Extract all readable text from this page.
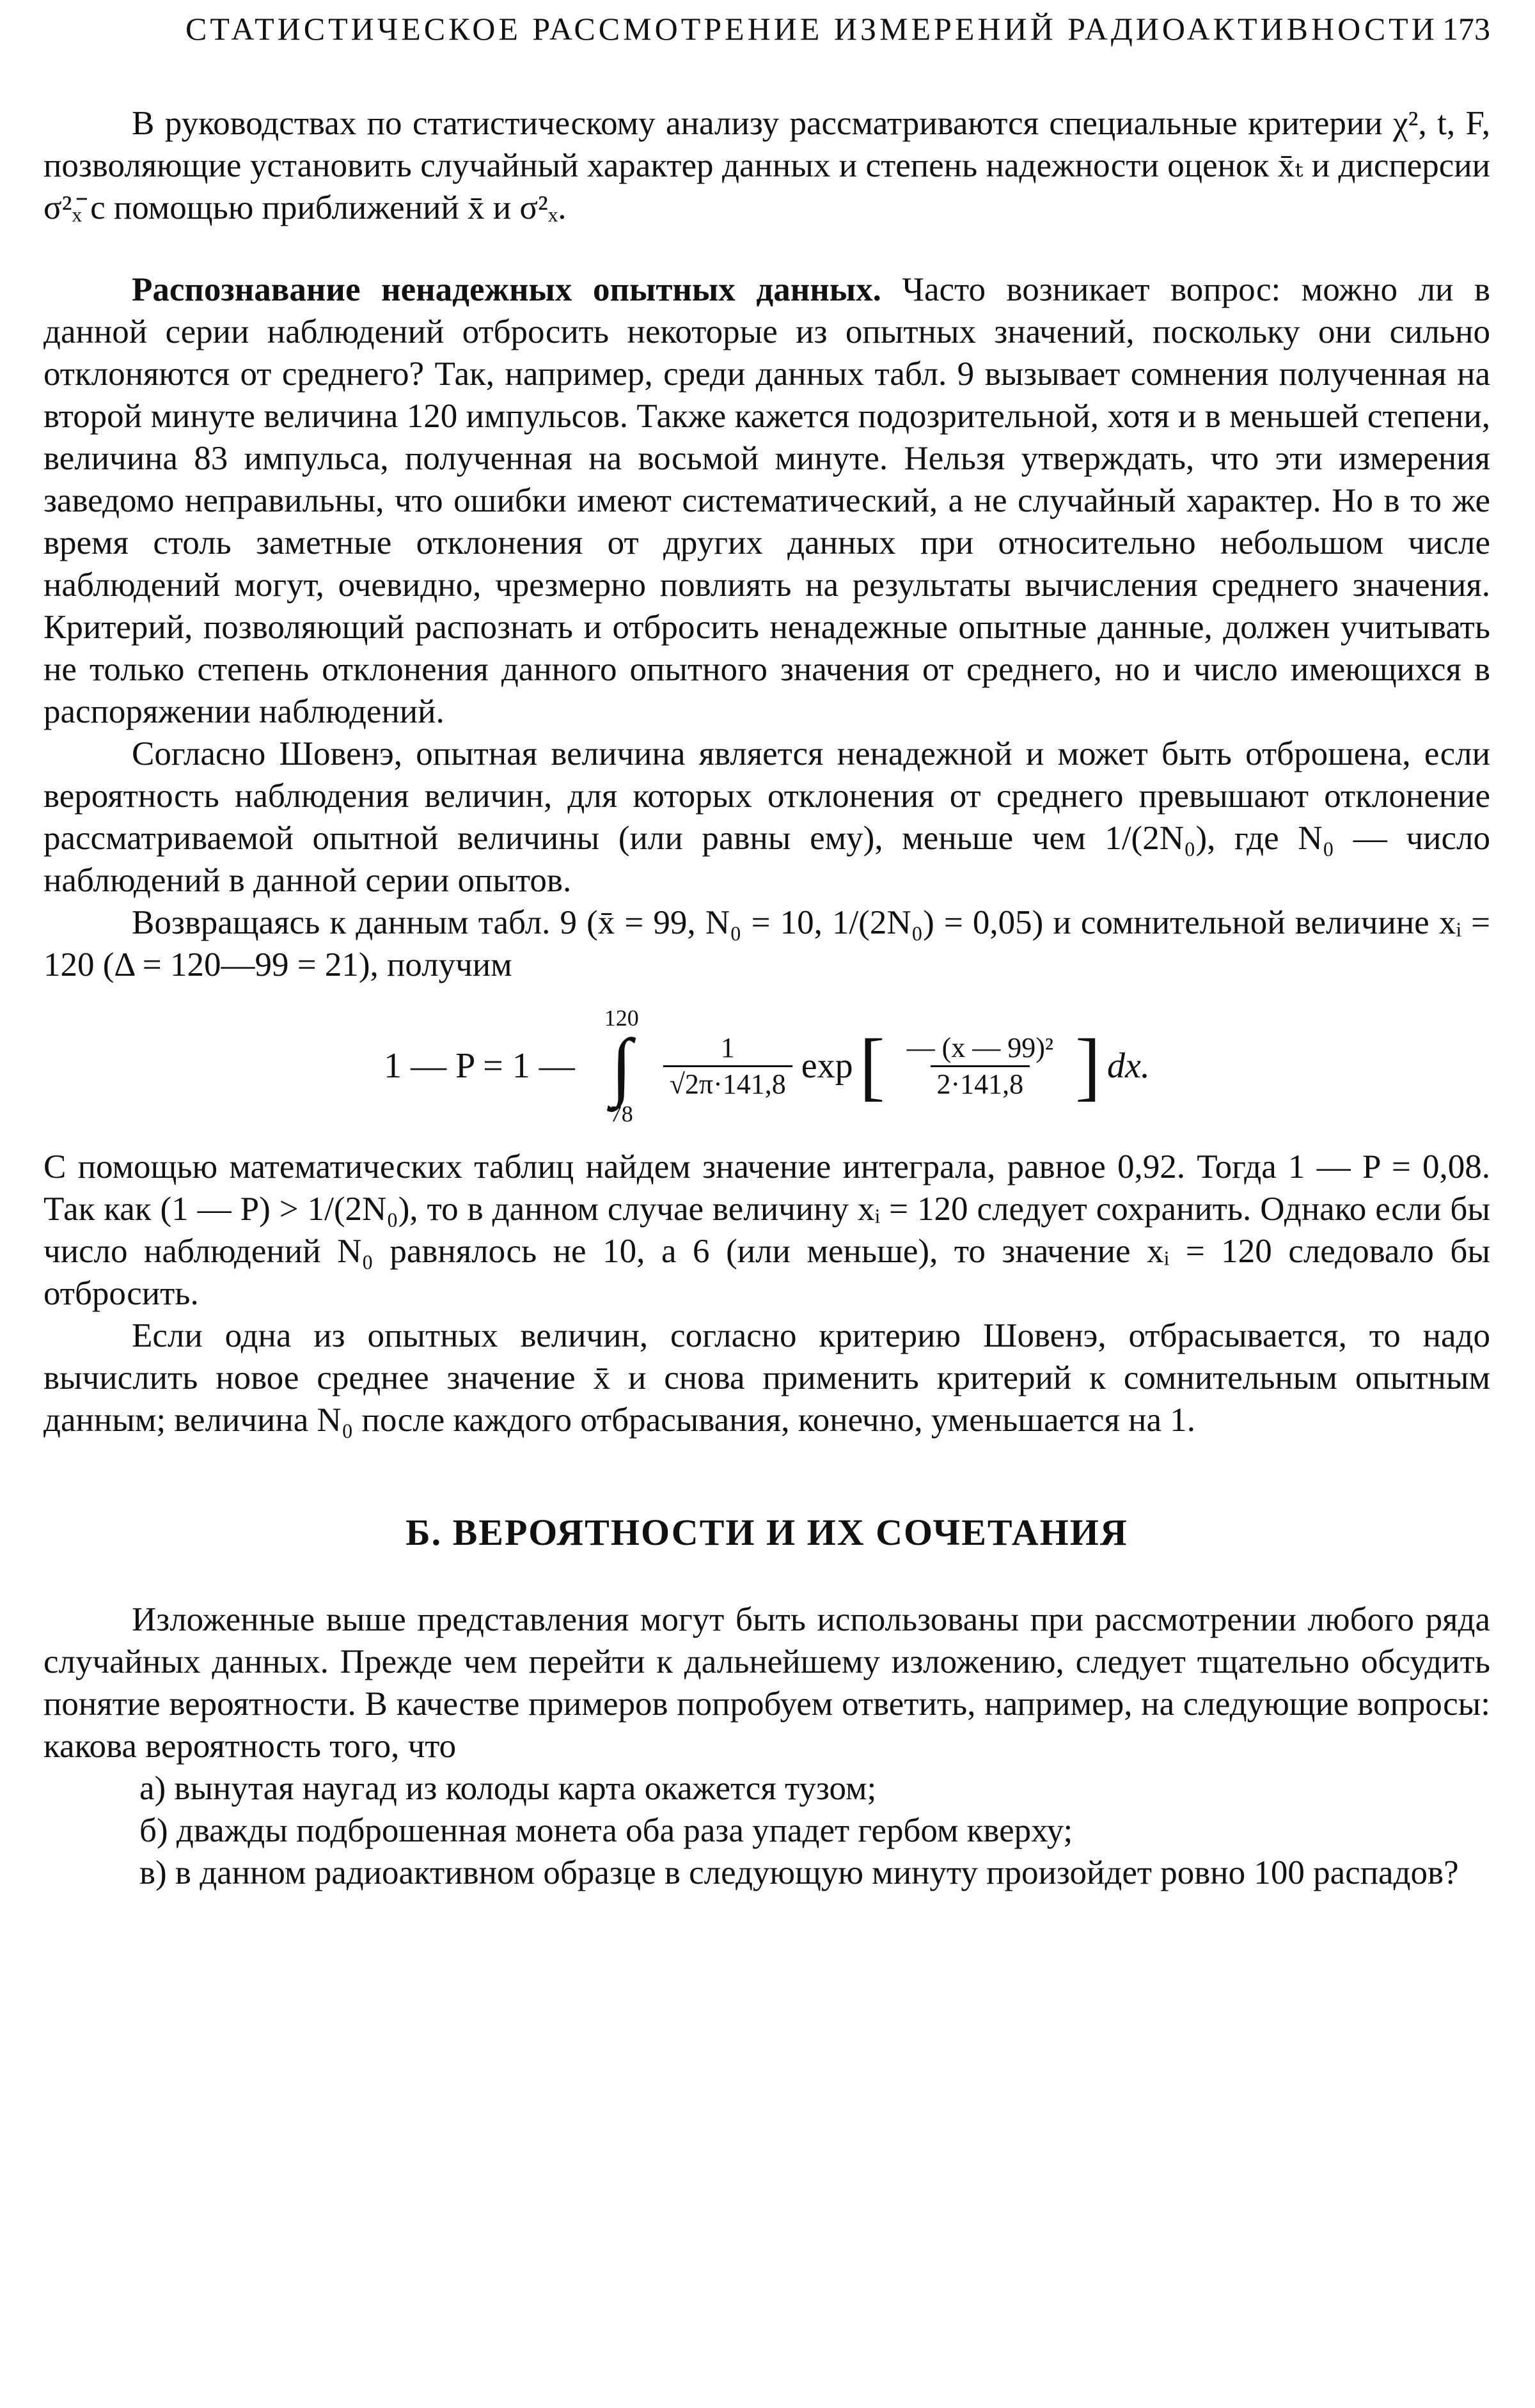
СТАТИСТИЧЕСКОЕ РАССМОТРЕНИЕ ИЗМЕРЕНИЙ РАДИОАКТИВНОСТИ 173

В руководствах по статистическому анализу рассматриваются специальные критерии χ², t, F, позволяющие установить случайный характер данных и степень надежности оценок x̄ₜ и дисперсии σ²ₓ̄ с помощью приближений x̄ и σ²ₓ.

Распознавание ненадежных опытных данных. Часто возникает вопрос: можно ли в данной серии наблюдений отбросить некоторые из опытных значений, поскольку они сильно отклоняются от среднего? Так, например, среди данных табл. 9 вызывает сомнения полученная на второй минуте величина 120 импульсов. Также кажется подозрительной, хотя и в меньшей степени, величина 83 импульса, полученная на восьмой минуте. Нельзя утверждать, что эти измерения заведомо неправильны, что ошибки имеют систематический, а не случайный характер. Но в то же время столь заметные отклонения от других данных при относительно небольшом числе наблюдений могут, очевидно, чрезмерно повлиять на результаты вычисления среднего значения. Критерий, позволяющий распознать и отбросить ненадежные опытные данные, должен учитывать не только степень отклонения данного опытного значения от среднего, но и число имеющихся в распоряжении наблюдений.

Согласно Шовенэ, опытная величина является ненадежной и может быть отброшена, если вероятность наблюдения величин, для которых отклонения от среднего превышают отклонение рассматриваемой опытной величины (или равны ему), меньше чем 1/(2N₀), где N₀ — число наблюдений в данной серии опытов.

Возвращаясь к данным табл. 9 (x̄ = 99, N₀ = 10, 1/(2N₀) = 0,05) и сомнительной величине xᵢ = 120 (Δ = 120—99 = 21), получим

1 — P = 1 —
120
∫
78
$\frac{1}{√2\pi\cdot 141,8}$ exp [ $\frac{\text{— (x — 99)²}}{2\cdot 141,8}$ ] dx.

С помощью математических таблиц найдем значение интеграла, равное 0,92. Тогда 1 — P = 0,08. Так как (1 — P) > 1/(2N₀), то в данном случае величину xᵢ = 120 следует сохранить. Однако если бы число наблюдений N₀ равнялось не 10, а 6 (или меньше), то значение xᵢ = 120 следовало бы отбросить.

Если одна из опытных величин, согласно критерию Шовенэ, отбрасывается, то надо вычислить новое среднее значение x̄ и снова применить критерий к сомнительным опытным данным; величина N₀ после каждого отбрасывания, конечно, уменьшается на 1.

Б. ВЕРОЯТНОСТИ И ИХ СОЧЕТАНИЯ

Изложенные выше представления могут быть использованы при рассмотрении любого ряда случайных данных. Прежде чем перейти к дальнейшему изложению, следует тщательно обсудить понятие вероятности. В качестве примеров попробуем ответить, например, на следующие вопросы: какова вероятность того, что

а) вынутая наугад из колоды карта окажется тузом;

б) дважды подброшенная монета оба раза упадет гербом кверху;

в) в данном радиоактивном образце в следующую минуту произойдет ровно 100 распадов?
